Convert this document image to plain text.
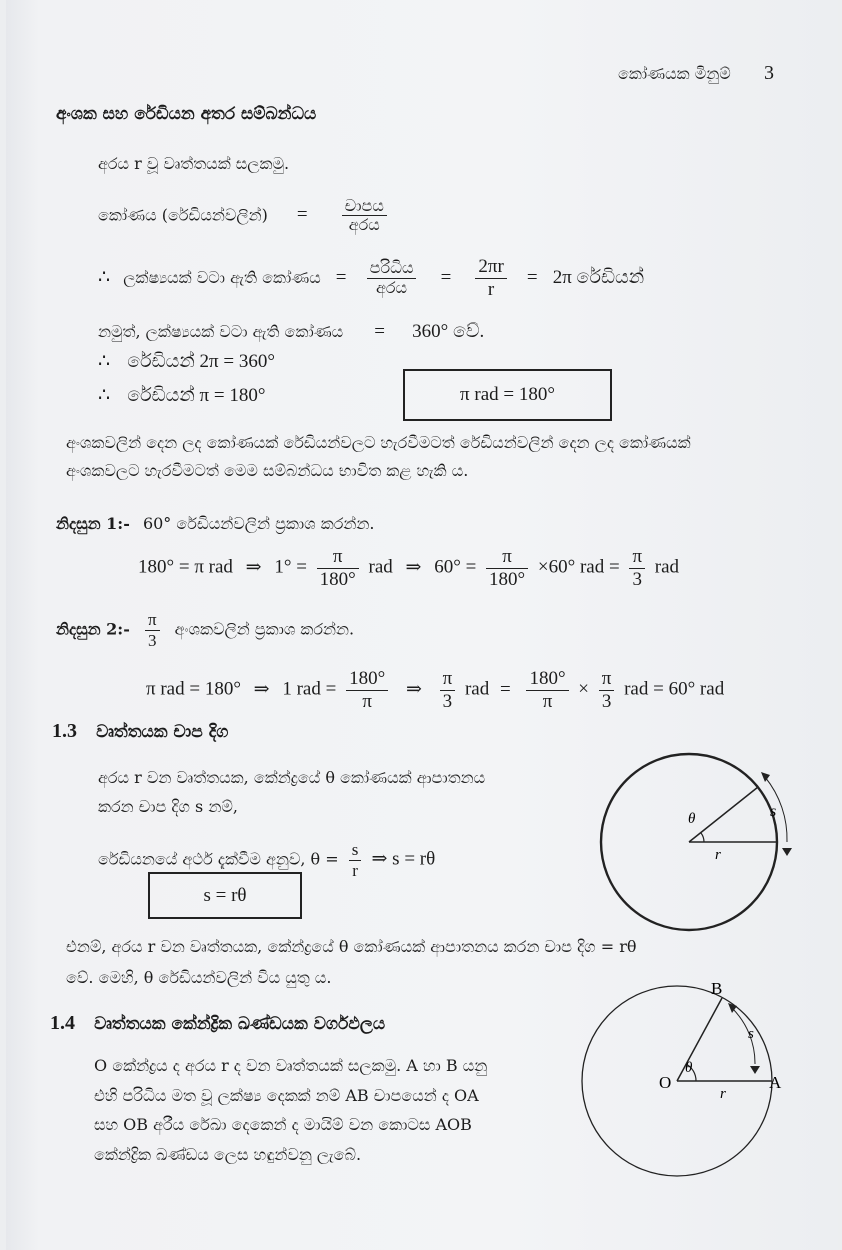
කෝණයක මිනුම් 3
අංශක සහ රේඩියන අතර සම්බන්ධය
අරය r වූ වෘත්තයක් සලකමු.
කෝණය (රේඩියන්වලින්) = $\frac{\text{චාපය}}{\text{අරය}}$
∴ ලක්ෂ්‍යයක් වටා ඇති කෝණය = $\frac{\text{පරිධිය}}{\text{අරය}} = \frac{2\pi r}{r} = 2\pi$ රේඩියන්
නමුත්, ලක්ෂ්‍යයක් වටා ඇති කෝණය = 360° වේ.
∴ රේඩියන් 2π = 360°
∴ රේඩියන් π = 180°	π rad = 180°
අංශකවලින් දෙන ලද කෝණයක් රේඩියන්වලට හැරවීමටත් රේඩියන්වලින් දෙන ලද කෝණයක්
අංශකවලට හැරවීමටත් මෙම සම්බන්ධය භාවිත කළ හැකි ය.
නිදසුන 1:- 60° රේඩියන්වලින් ප්‍රකාශ කරන්න.
180° = π rad ⇒ $1^\circ = \frac{\pi}{180^\circ}$ rad ⇒ $60^\circ = \frac{\pi}{180^\circ} \times 60^\circ$ rad = $\frac{\pi}{3}$ rad
නිදසුන 2:- $\frac{\pi}{3}$ අංශකවලින් ප්‍රකාශ කරන්න.
π rad = 180° ⇒ 1 rad = $\frac{180^\circ}{\pi}$ ⇒ $\frac{\pi}{3}$ rad = $\frac{180^\circ}{\pi} \times \frac{\pi}{3}$ rad = 60° rad
1.3 වෘත්තයක චාප දිග
අරය r වන වෘත්තයක, කේන්ද්‍රයේ θ කෝණයක් ආපාතනය
කරන චාප දිග s නම්,
රේඩියනයේ අර්ථ දැක්වීම අනුව, $\theta = \frac{s}{r}$ ⇒ s = rθ
s = rθ
එනම්, අරය r වන වෘත්තයක, කේන්ද්‍රයේ θ කෝණයක් ආපාතනය කරන චාප දිග = rθ
වේ. මෙහි, θ රේඩියන්වලින් විය යුතු ය.
s
θ
r
1.4 වෘත්තයක කේන්ද්‍රික ඛණ්ඩයක වර්ගඵලය
O කේන්ද්‍රය ද අරය r ද වන වෘත්තයක් සලකමු. A හා B යනු
එහි පරිධිය මත වූ ලක්ෂ්‍ය දෙකක් නම් AB චාපයෙන් ද OA
සහ OB අරීය රේඛා දෙකෙන් ද මායිම් වන කොටස AOB
කේන්ද්‍රික ඛණ්ඩය ලෙස හඳුන්වනු ලැබේ.
B
s
θ
O
r
A
